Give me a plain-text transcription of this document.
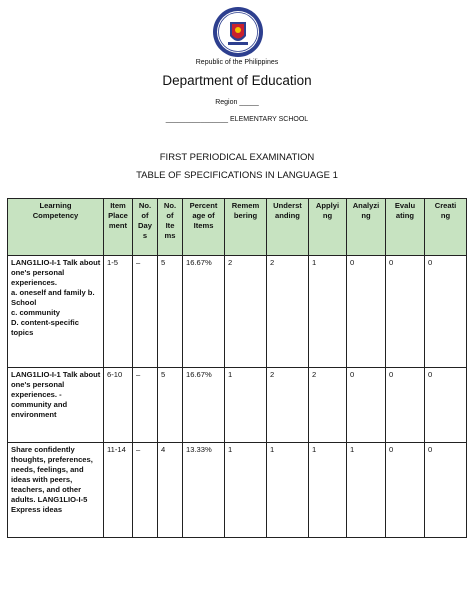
Republic of the Philippines
Department of Education
Region _____
________________ ELEMENTARY SCHOOL
FIRST PERIODICAL EXAMINATION
TABLE OF SPECIFICATIONS IN LANGUAGE 1
Learning
Competency	Item
Place
ment	No.
of
Day
s	No.
of
Ite
ms	Percent
age of
Items	Remem
bering	Underst
anding	Applyi
ng	Analyzi
ng	Evalu
ating	Creati
ng
LANG1LIO-I-1 Talk about one's personal experiences.
a. oneself and family b. School
c. community
D. content-specific topics	1-5	–	5	16.67%	2	2	1	0	0	0
LANG1LIO-I-1 Talk about one's personal experiences. - community and environment	6-10	–	5	16.67%	1	2	2	0	0	0
Share confidently thoughts, preferences, needs, feelings, and ideas with peers, teachers, and other adults. LANG1LIO-I-5 Express ideas	11-14	–	4	13.33%	1	1	1	1	0	0
